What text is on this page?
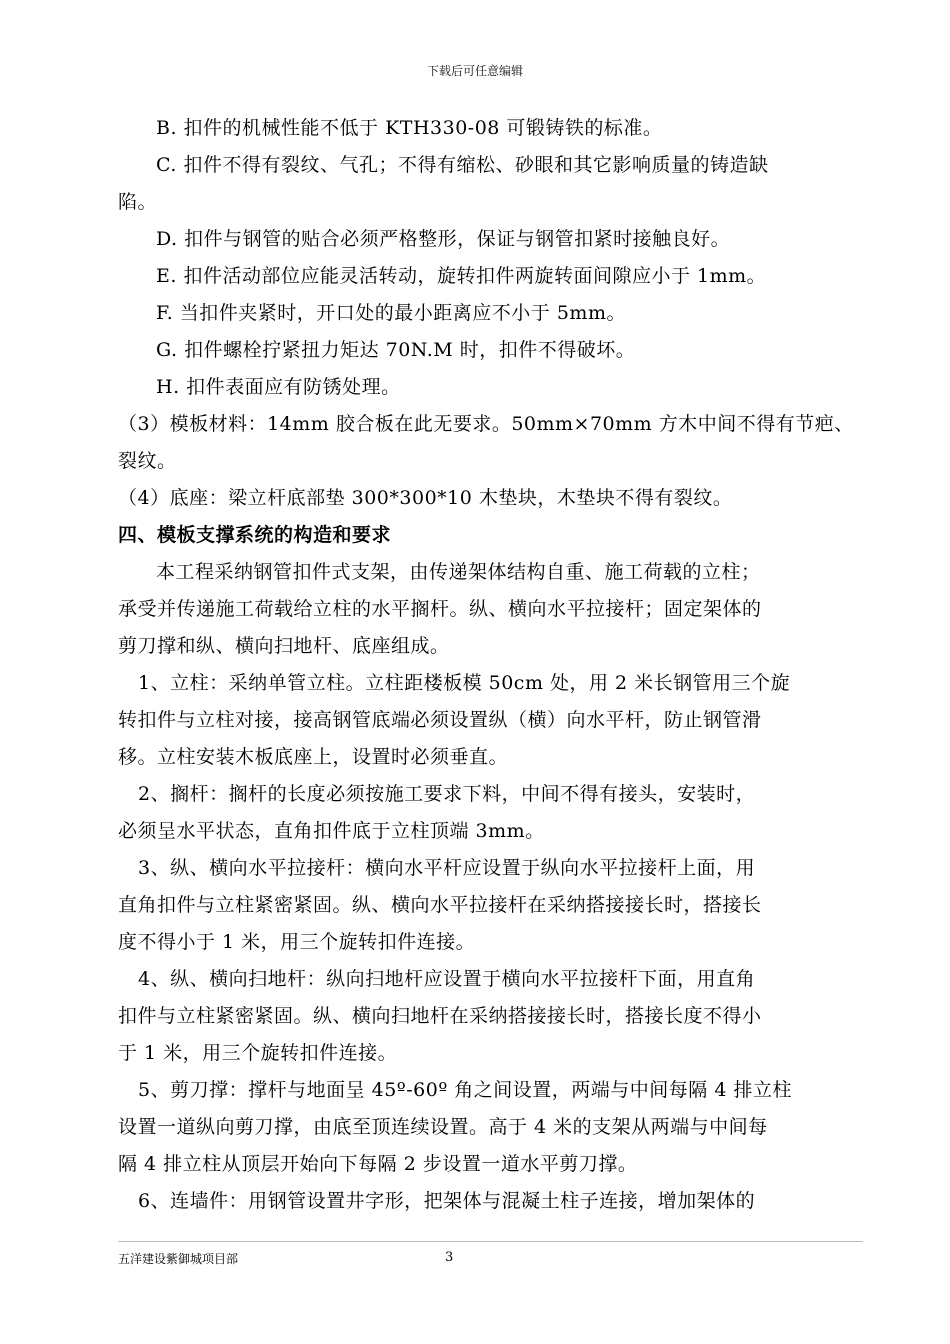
下载后可任意编辑
B. 扣件的机械性能不低于 KTH330-08 可锻铸铁的标准。
C. 扣件不得有裂纹、气孔；不得有缩松、砂眼和其它影响质量的铸造缺
陷。
D. 扣件与钢管的贴合必须严格整形，保证与钢管扣紧时接触良好。
E. 扣件活动部位应能灵活转动，旋转扣件两旋转面间隙应小于 1mm。
F. 当扣件夹紧时，开口处的最小距离应不小于 5mm。
G. 扣件螺栓拧紧扭力矩达 70N.M 时，扣件不得破坏。
H. 扣件表面应有防锈处理。
（3）模板材料：14mm 胶合板在此无要求。50mm×70mm 方木中间不得有节疤、
裂纹。
（4）底座：梁立杆底部垫 300*300*10 木垫块，木垫块不得有裂纹。
四、模板支撑系统的构造和要求
本工程采纳钢管扣件式支架，由传递架体结构自重、施工荷载的立柱；
承受并传递施工荷载给立柱的水平搁杆。纵、横向水平拉接杆；固定架体的
剪刀撑和纵、横向扫地杆、底座组成。
1、立柱：采纳单管立柱。立柱距楼板模 50cm 处，用 2 米长钢管用三个旋
转扣件与立柱对接，接高钢管底端必须设置纵（横）向水平杆，防止钢管滑
移。立柱安装木板底座上，设置时必须垂直。
2、搁杆：搁杆的长度必须按施工要求下料，中间不得有接头，安装时，
必须呈水平状态，直角扣件底于立柱顶端 3mm。
3、纵、横向水平拉接杆：横向水平杆应设置于纵向水平拉接杆上面，用
直角扣件与立柱紧密紧固。纵、横向水平拉接杆在采纳搭接接长时，搭接长
度不得小于 1 米，用三个旋转扣件连接。
4、纵、横向扫地杆：纵向扫地杆应设置于横向水平拉接杆下面，用直角
扣件与立柱紧密紧固。纵、横向扫地杆在采纳搭接接长时，搭接长度不得小
于 1 米，用三个旋转扣件连接。
5、剪刀撑：撑杆与地面呈 45º-60º 角之间设置，两端与中间每隔 4 排立柱
设置一道纵向剪刀撑，由底至顶连续设置。高于 4 米的支架从两端与中间每
隔 4 排立柱从顶层开始向下每隔 2 步设置一道水平剪刀撑。
6、连墙件：用钢管设置井字形，把架体与混凝土柱子连接，增加架体的
五洋建设紫御城项目部	3
